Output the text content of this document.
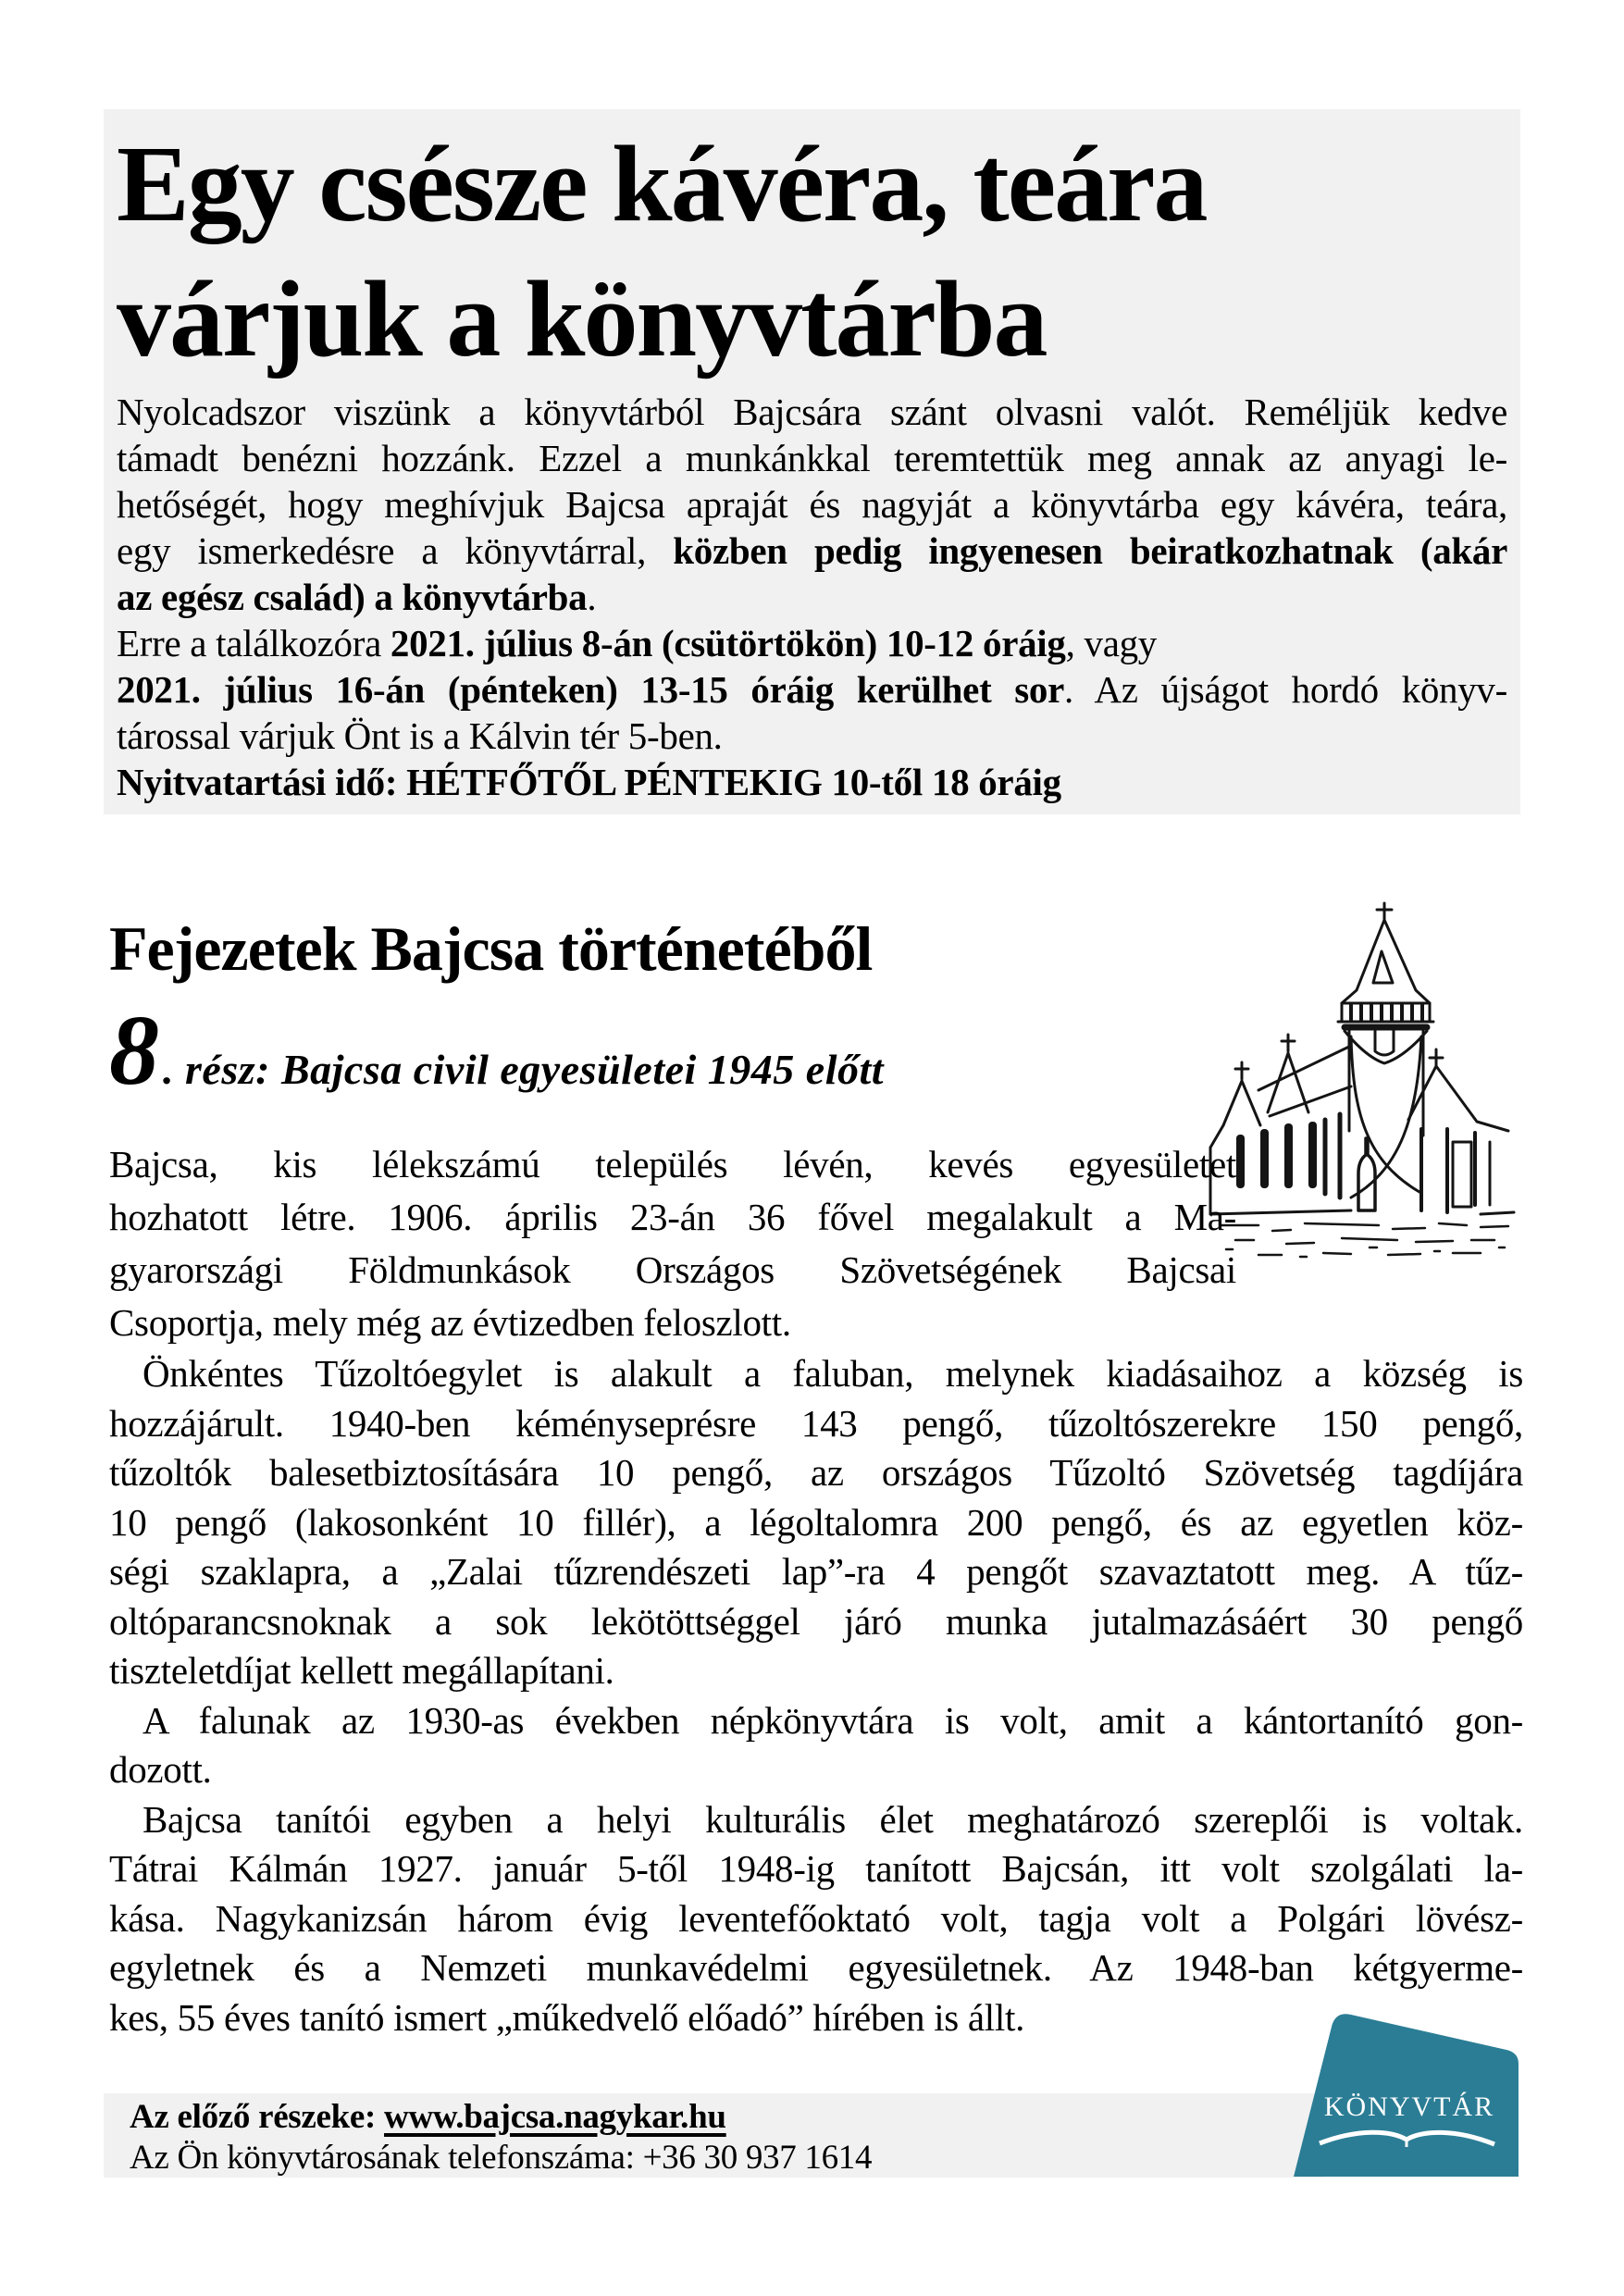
Egy csésze kávéra, teára
várjuk a könyvtárba
Nyolcadszor viszünk a könyvtárból Bajcsára szánt olvasni valót. Reméljük kedve
támadt benézni hozzánk. Ezzel a munkánkkal teremtettük meg annak az anyagi le-
hetőségét, hogy meghívjuk Bajcsa apraját és nagyját a könyvtárba egy kávéra, teára,
egy ismerkedésre a könyvtárral, közben pedig ingyenesen beiratkozhatnak (akár
az egész család) a könyvtárba.
Erre a találkozóra 2021. július 8-án (csütörtökön) 10-12 óráig, vagy
2021. július 16-án (pénteken) 13-15 óráig kerülhet sor. Az újságot hordó könyv-
tárossal várjuk Önt is a Kálvin tér 5-ben.
Nyitvatartási idő: HÉTFŐTŐL PÉNTEKIG 10-től 18 óráig
Fejezetek Bajcsa történetéből
8 . rész: Bajcsa civil egyesületei 1945 előtt
Bajcsa, kis lélekszámú település lévén, kevés egyesületet
hozhatott létre. 1906. április 23-án 36 fővel megalakult a Ma-
gyarországi Földmunkások Országos Szövetségének Bajcsai
Csoportja, mely még az évtizedben feloszlott.
Önkéntes Tűzoltóegylet is alakult a faluban, melynek kiadásaihoz a község is
hozzájárult. 1940-ben kéményseprésre 143 pengő, tűzoltószerekre 150 pengő,
tűzoltók balesetbiztosítására 10 pengő, az országos Tűzoltó Szövetség tagdíjára
10 pengő (lakosonként 10 fillér), a légoltalomra 200 pengő, és az egyetlen köz-
ségi szaklapra, a „Zalai tűzrendészeti lap”-ra 4 pengőt szavaztatott meg. A tűz-
oltóparancsnoknak a sok lekötöttséggel járó munka jutalmazásáért 30 pengő
tiszteletdíjat kellett megállapítani.
A falunak az 1930-as években népkönyvtára is volt, amit a kántortanító gon-
dozott.
Bajcsa tanítói egyben a helyi kulturális élet meghatározó szereplői is voltak.
Tátrai Kálmán 1927. január 5-től 1948-ig tanított Bajcsán, itt volt szolgálati la-
kása. Nagykanizsán három évig leventefőoktató volt, tagja volt a Polgári lövész-
egyletnek és a Nemzeti munkavédelmi egyesületnek. Az 1948-ban kétgyerme-
kes, 55 éves tanító ismert „műkedvelő előadó” hírében is állt.
Az előző részeke: www.bajcsa.nagykar.hu
Az Ön könyvtárosának telefonszáma: +36 30 937 1614
KÖNYVTÁR
